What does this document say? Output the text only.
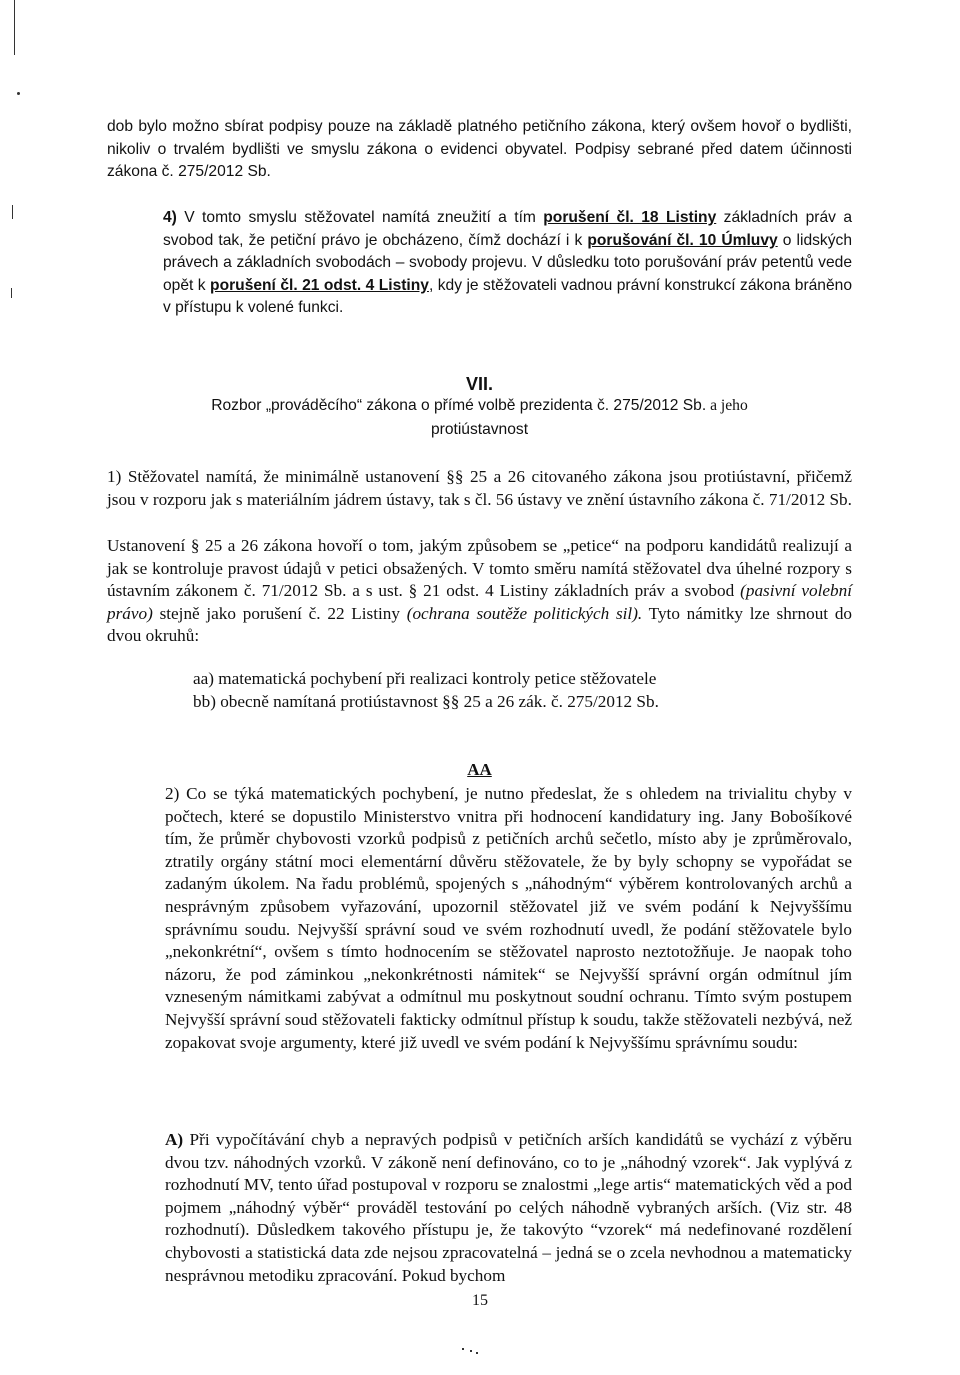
dob bylo možno sbírat podpisy pouze na základě platného petičního zákona, který ovšem hovoř o bydlišti, nikoliv o trvalém bydlišti ve smyslu zákona o evidenci obyvatel. Podpisy sebrané před datem účinnosti zákona č. 275/2012 Sb.

4) V tomto smyslu stěžovatel namítá zneužití a tím porušení čl. 18 Listiny základních práv a svobod tak, že petiční právo je obcházeno, čímž dochází i k porušování čl. 10 Úmluvy o lidských právech a základních svobodách – svobody projevu. V důsledku toto porušování práv petentů vede opět k porušení čl. 21 odst. 4 Listiny, kdy je stěžovateli vadnou právní konstrukcí zákona bráněno v přístupu k volené funkci.

VII.

Rozbor „prováděcího“ zákona o přímé volbě prezidenta č. 275/2012 Sb. a jeho

protiústavnost

1) Stěžovatel namítá, že minimálně ustanovení §§ 25 a 26 citovaného zákona jsou protiústavní, přičemž jsou v rozporu jak s materiálním jádrem ústavy, tak s čl. 56 ústavy ve znění ústavního zákona č. 71/2012 Sb.

Ustanovení § 25 a 26 zákona hovoří o tom, jakým způsobem se „petice“ na podporu kandidátů realizují a jak se kontroluje pravost údajů v petici obsažených. V tomto směru namítá stěžovatel dva úhelné rozpory s ústavním zákonem č. 71/2012 Sb. a s ust. § 21 odst. 4 Listiny základních práv a svobod (pasivní volební právo) stejně jako porušení č. 22 Listiny (ochrana soutěže politických sil). Tyto námitky lze shrnout do dvou okruhů:

aa) matematická pochybení při realizaci kontroly petice stěžovatele

bb) obecně namítaná protiústavnost §§ 25 a 26 zák. č. 275/2012 Sb.

AA

2) Co se týká matematických pochybení, je nutno předeslat, že s ohledem na trivialitu chyby v počtech, které se dopustilo Ministerstvo vnitra při hodnocení kandidatury ing. Jany Bobošíkové tím, že průměr chybovosti vzorků podpisů z petičních archů sečetlo, místo aby je zprůměrovalo, ztratily orgány státní moci elementární důvěru stěžovatele, že by byly schopny se vypořádat se zadaným úkolem. Na řadu problémů, spojených s „náhodným“ výběrem kontrolovaných archů a nesprávným způsobem vyřazování, upozornil stěžovatel již ve svém podání k Nejvyššímu správnímu soudu. Nejvyšší správní soud ve svém rozhodnutí uvedl, že podání stěžovatele bylo „nekonkrétní“, ovšem s tímto hodnocením se stěžovatel naprosto neztotožňuje. Je naopak toho názoru, že pod záminkou „nekonkrétnosti námitek“ se Nejvyšší správní orgán odmítnul jím vzneseným námitkami zabývat a odmítnul mu poskytnout soudní ochranu. Tímto svým postupem Nejvyšší správní soud stěžovateli fakticky odmítnul přístup k soudu, takže stěžovateli nezbývá, než zopakovat svoje argumenty, které již uvedl ve svém podání k Nejvyššímu správnímu soudu:

A) Při vypočítávání chyb a nepravých podpisů v petičních arších kandidátů se vychází z výběru dvou tzv. náhodných vzorků. V zákoně není definováno, co to je „náhodný vzorek“. Jak vyplývá z rozhodnutí MV, tento úřad postupoval v rozporu se znalostmi „lege artis“ matematických věd a pod pojmem „náhodný výběr“ prováděl testování po celých náhodně vybraných arších. (Viz str. 48 rozhodnutí). Důsledkem takového přístupu je, že takovýto “vzorek“ má nedefinované rozdělení chybovosti a statistická data zde nejsou zpracovatelná – jedná se o zcela nevhodnou a matematicky nesprávnou metodiku zpracování. Pokud bychom

15
